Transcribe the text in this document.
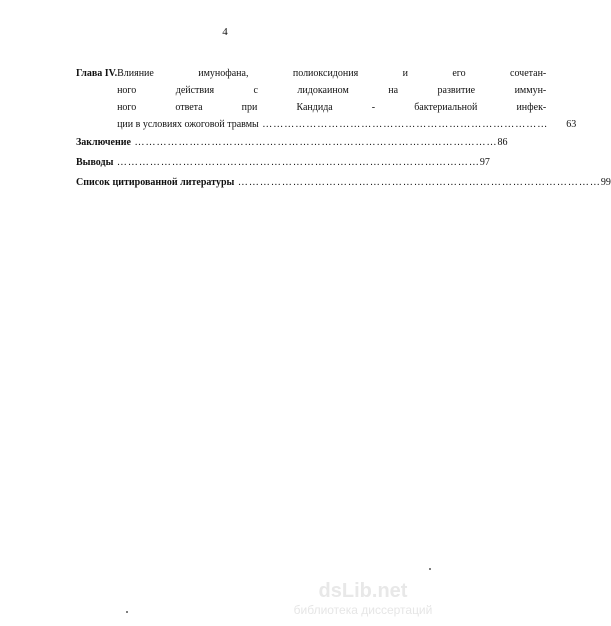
4
Глава IV. Влияние имунофана, полиоксидония и его сочетан-
ного действия с лидокаином на развитие иммун-
ного ответа при Кандида - бактериальной инфек-
ции в условиях ожоговой травмы ……………………………………………………………………	63
Заключение ……………………………………………………………………………………… 86
Выводы ……………………………………………………………………………………… 97
Список цитированной литературы ……………………………………………………………………………………… 99
dsLib .net
библиотека диссертаций
